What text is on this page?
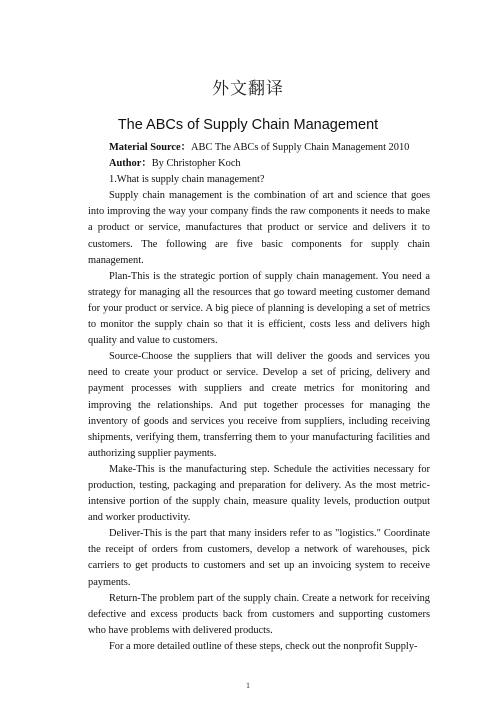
外文翻译
The ABCs of Supply Chain Management

Material Source：ABC The ABCs of Supply Chain Management 2010

Author：By Christopher Koch

1.What is supply chain management?

Supply chain management is the combination of art and science that goes into improving the way your company finds the raw components it needs to make a product or service, manufactures that product or service and delivers it to customers. The following are five basic components for supply chain management.

Plan-This is the strategic portion of supply chain management. You need a strategy for managing all the resources that go toward meeting customer demand for your product or service. A big piece of planning is developing a set of metrics to monitor the supply chain so that it is efficient, costs less and delivers high quality and value to customers.

Source-Choose the suppliers that will deliver the goods and services you need to create your product or service. Develop a set of pricing, delivery and payment processes with suppliers and create metrics for monitoring and improving the relationships. And put together processes for managing the inventory of goods and services you receive from suppliers, including receiving shipments, verifying them, transferring them to your manufacturing facilities and authorizing supplier payments.

Make-This is the manufacturing step. Schedule the activities necessary for production, testing, packaging and preparation for delivery. As the most metric-intensive portion of the supply chain, measure quality levels, production output and worker productivity.

Deliver-This is the part that many insiders refer to as "logistics." Coordinate the receipt of orders from customers, develop a network of warehouses, pick carriers to get products to customers and set up an invoicing system to receive payments.

Return-The problem part of the supply chain. Create a network for receiving defective and excess products back from customers and supporting customers who have problems with delivered products.

For a more detailed outline of these steps, check out the nonprofit Supply-

1
